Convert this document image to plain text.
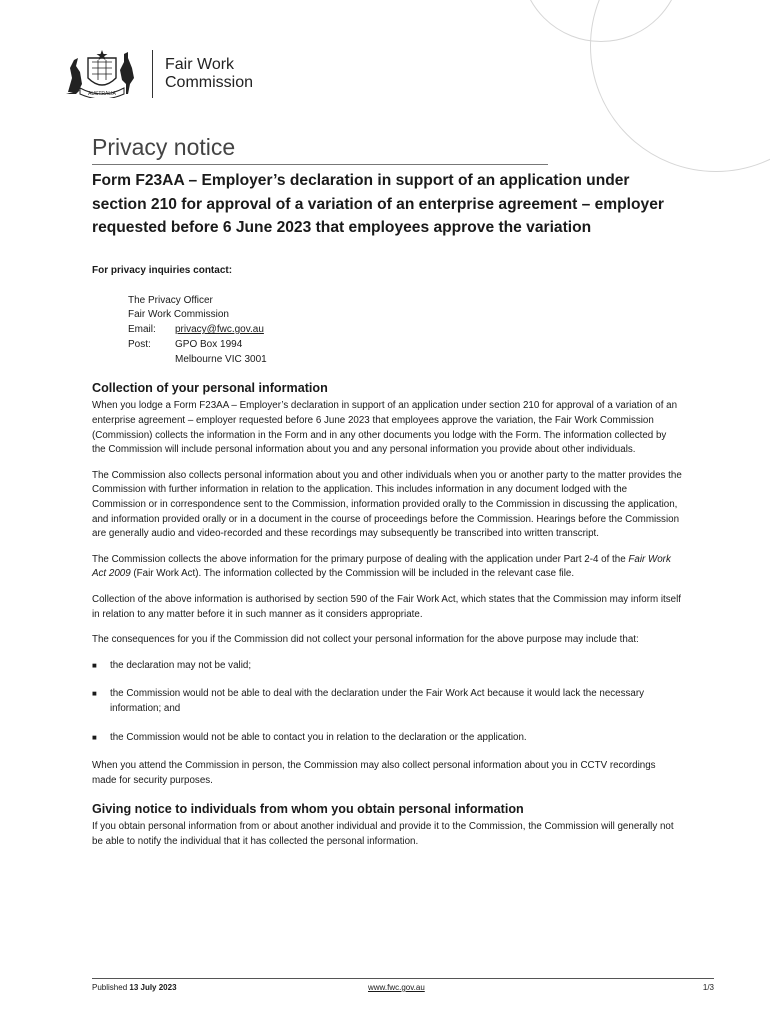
AUSTRALIA
Fair Work
Commission
Privacy notice
Form F23AA – Employer’s declaration in support of an application under section 210 for approval of a variation of an enterprise agreement – employer requested before 6 June 2023 that employees approve the variation
For privacy inquiries contact:
The Privacy Officer
Fair Work Commission
Email:	privacy@fwc.gov.au
Post:	GPO Box 1994
Melbourne VIC 3001
Collection of your personal information

When you lodge a Form F23AA – Employer’s declaration in support of an application under section 210 for approval of a variation of an enterprise agreement – employer requested before 6 June 2023 that employees approve the variation, the Fair Work Commission (Commission) collects the information in the Form and in any other documents you lodge with the Form. The information collected by the Commission will include personal information about you and any personal information you provide about other individuals.

The Commission also collects personal information about you and other individuals when you or another party to the matter provides the Commission with further information in relation to the application. This includes information in any document lodged with the Commission or in correspondence sent to the Commission, information provided orally to the Commission in discussing the application, and information provided orally or in a document in the course of proceedings before the Commission. Hearings before the Commission are generally audio and video-recorded and these recordings may subsequently be transcribed into written transcript.

The Commission collects the above information for the primary purpose of dealing with the application under Part 2-4 of the Fair Work Act 2009 (Fair Work Act). The information collected by the Commission will be included in the relevant case file.

Collection of the above information is authorised by section 590 of the Fair Work Act, which states that the Commission may inform itself in relation to any matter before it in such manner as it considers appropriate.

The consequences for you if the Commission did not collect your personal information for the above purpose may include that:

■ the declaration may not be valid;
■ the Commission would not be able to deal with the declaration under the Fair Work Act because it would lack the necessary information; and
■ the Commission would not be able to contact you in relation to the declaration or the application.

When you attend the Commission in person, the Commission may also collect personal information about you in CCTV recordings made for security purposes.

Giving notice to individuals from whom you obtain personal information

If you obtain personal information from or about another individual and provide it to the Commission, the Commission will generally not be able to notify the individual that it has collected the personal information.

Published 13 July 2023	www.fwc.gov.au	1/3
